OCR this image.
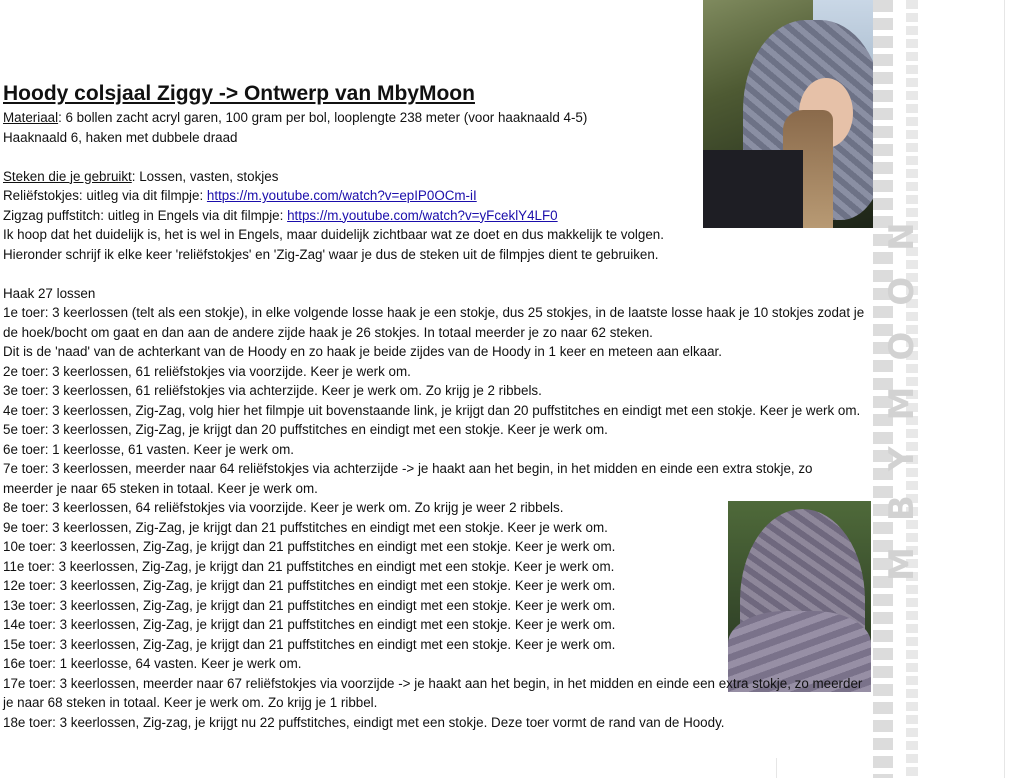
MBYMOON

Hoody colsjaal Ziggy -> Ontwerp van MbyMoon

Materiaal: 6 bollen zacht acryl garen, 100 gram per bol, looplengte 238 meter (voor haaknaald 4-5)

Haaknaald 6, haken met dubbele draad

Steken die je gebruikt: Lossen, vasten, stokjes

Reliëfstokjes: uitleg via dit filmpje: https://m.youtube.com/watch?v=epIP0OCm-iI

Zigzag puffstitch: uitleg in Engels via dit filmpje: https://m.youtube.com/watch?v=yFceklY4LF0

Ik hoop dat het duidelijk is, het is wel in Engels, maar duidelijk zichtbaar wat ze doet en dus makkelijk te volgen.

Hieronder schrijf ik elke keer 'reliëfstokjes' en 'Zig-Zag' waar je dus de steken uit de filmpjes dient te gebruiken.

Haak 27 lossen

1e toer: 3 keerlossen (telt als een stokje), in elke volgende losse haak je een stokje, dus 25 stokjes, in de laatste losse haak je 10 stokjes zodat je de hoek/bocht om gaat en dan aan de andere zijde haak je 26 stokjes. In totaal meerder je zo naar 62 steken.

Dit is de 'naad' van de achterkant van de Hoody en zo haak je beide zijdes van de Hoody in 1 keer en meteen aan elkaar.

2e toer: 3 keerlossen, 61 reliëfstokjes via voorzijde. Keer je werk om.

3e toer: 3 keerlossen, 61 reliëfstokjes via achterzijde. Keer je werk om. Zo krijg je 2 ribbels.

4e toer: 3 keerlossen, Zig-Zag, volg hier het filmpje uit bovenstaande link, je krijgt dan 20 puffstitches en eindigt met een stokje. Keer je werk om.

5e toer: 3 keerlossen, Zig-Zag, je krijgt dan 20 puffstitches en eindigt met een stokje. Keer je werk om.

6e toer: 1 keerlosse, 61 vasten. Keer je werk om.

7e toer: 3 keerlossen, meerder naar 64 reliëfstokjes via achterzijde -> je haakt aan het begin, in het midden en einde een extra stokje, zo meerder je naar 65 steken in totaal. Keer je werk om.

8e toer: 3 keerlossen, 64 reliëfstokjes via voorzijde. Keer je werk om. Zo krijg je weer 2 ribbels.

9e toer: 3 keerlossen, Zig-Zag, je krijgt dan 21 puffstitches en eindigt met een stokje. Keer je werk om.

10e toer: 3 keerlossen, Zig-Zag, je krijgt dan 21 puffstitches en eindigt met een stokje. Keer je werk om.

11e toer: 3 keerlossen, Zig-Zag, je krijgt dan 21 puffstitches en eindigt met een stokje. Keer je werk om.

12e toer: 3 keerlossen, Zig-Zag, je krijgt dan 21 puffstitches en eindigt met een stokje. Keer je werk om.

13e toer: 3 keerlossen, Zig-Zag, je krijgt dan 21 puffstitches en eindigt met een stokje. Keer je werk om.

14e toer: 3 keerlossen, Zig-Zag, je krijgt dan 21 puffstitches en eindigt met een stokje. Keer je werk om.

15e toer: 3 keerlossen, Zig-Zag, je krijgt dan 21 puffstitches en eindigt met een stokje. Keer je werk om.

16e toer: 1 keerlosse, 64 vasten. Keer je werk om.

17e toer: 3 keerlossen, meerder naar 67 reliëfstokjes via voorzijde -> je haakt aan het begin, in het midden en einde een extra stokje, zo meerder je naar 68 steken in totaal. Keer je werk om. Zo krijg je 1 ribbel.

18e toer: 3 keerlossen, Zig-zag, je krijgt nu 22 puffstitches, eindigt met een stokje. Deze toer vormt de rand van de Hoody.
